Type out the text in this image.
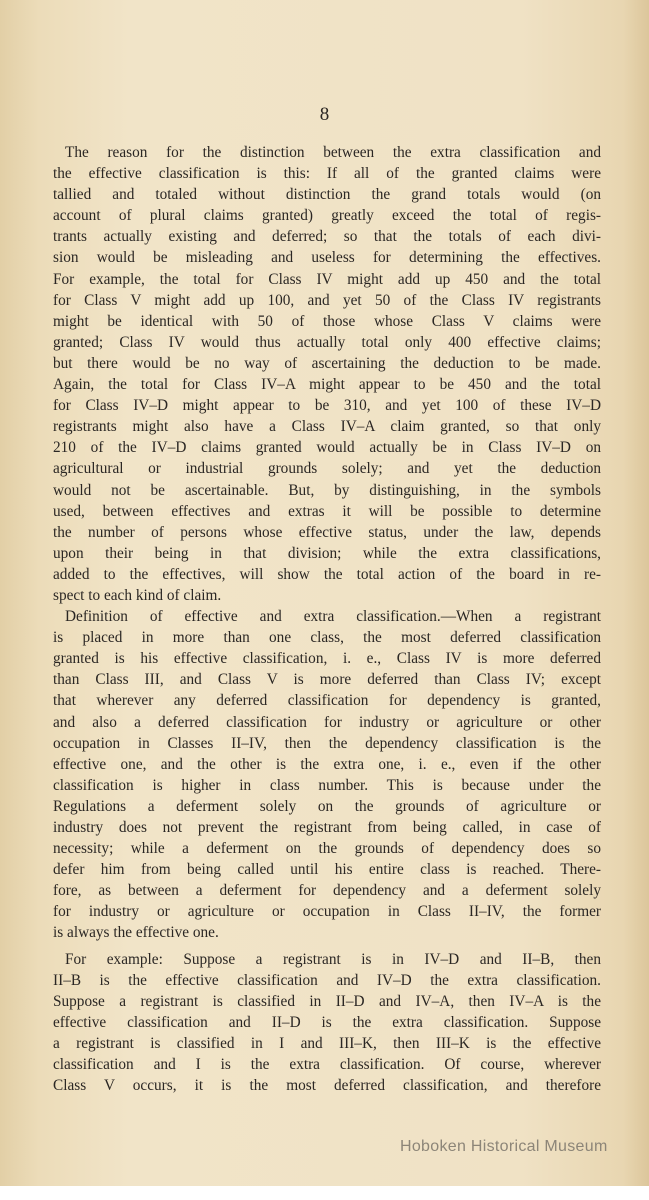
8
The reason for the distinction between the extra classification and
the effective classification is this: If all of the granted claims were
tallied and totaled without distinction the grand totals would (on
account of plural claims granted) greatly exceed the total of regis-
trants actually existing and deferred; so that the totals of each divi-
sion would be misleading and useless for determining the effectives.
For example, the total for Class IV might add up 450 and the total
for Class V might add up 100, and yet 50 of the Class IV registrants
might be identical with 50 of those whose Class V claims were
granted; Class IV would thus actually total only 400 effective claims;
but there would be no way of ascertaining the deduction to be made.
Again, the total for Class IV–A might appear to be 450 and the total
for Class IV–D might appear to be 310, and yet 100 of these IV–D
registrants might also have a Class IV–A claim granted, so that only
210 of the IV–D claims granted would actually be in Class IV–D on
agricultural or industrial grounds solely; and yet the deduction
would not be ascertainable. But, by distinguishing, in the symbols
used, between effectives and extras it will be possible to determine
the number of persons whose effective status, under the law, depends
upon their being in that division; while the extra classifications,
added to the effectives, will show the total action of the board in re-
spect to each kind of claim.
Definition of effective and extra classification.—When a registrant
is placed in more than one class, the most deferred classification
granted is his effective classification, i. e., Class IV is more deferred
than Class III, and Class V is more deferred than Class IV; except
that wherever any deferred classification for dependency is granted,
and also a deferred classification for industry or agriculture or other
occupation in Classes II–IV, then the dependency classification is the
effective one, and the other is the extra one, i. e., even if the other
classification is higher in class number. This is because under the
Regulations a deferment solely on the grounds of agriculture or
industry does not prevent the registrant from being called, in case of
necessity; while a deferment on the grounds of dependency does so
defer him from being called until his entire class is reached. There-
fore, as between a deferment for dependency and a deferment solely
for industry or agriculture or occupation in Class II–IV, the former
is always the effective one.
For example: Suppose a registrant is in IV–D and II–B, then
II–B is the effective classification and IV–D the extra classification.
Suppose a registrant is classified in II–D and IV–A, then IV–A is the
effective classification and II–D is the extra classification. Suppose
a registrant is classified in I and III–K, then III–K is the effective
classification and I is the extra classification. Of course, wherever
Class V occurs, it is the most deferred classification, and therefore
Hoboken Historical Museum
